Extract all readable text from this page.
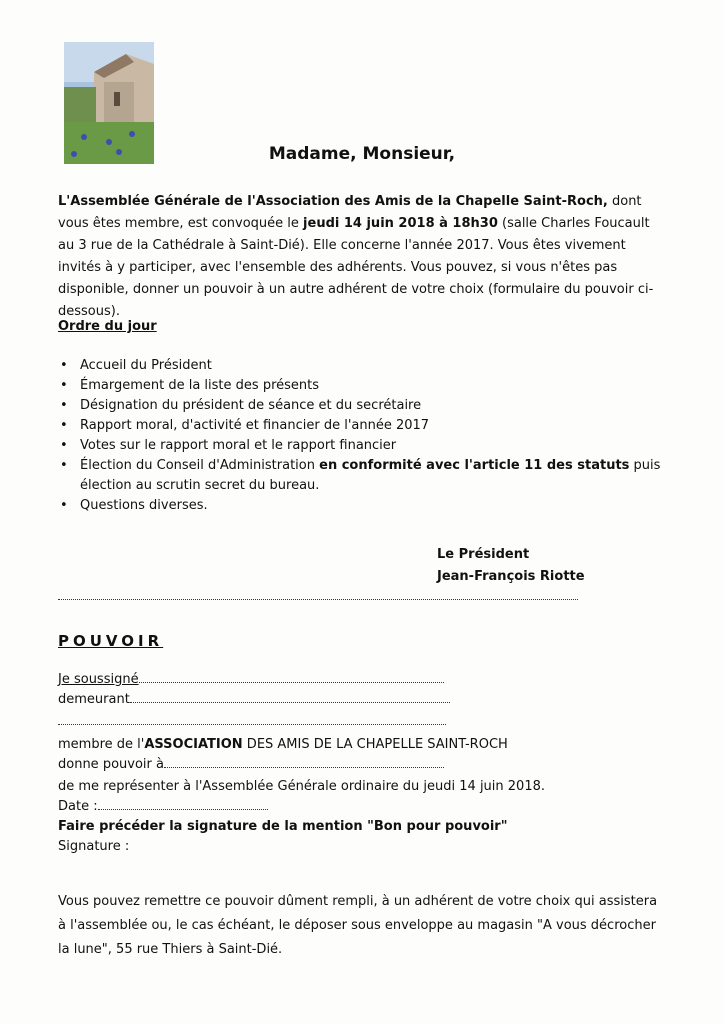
Madame, Monsieur,
L'Assemblée Générale de l'Association des Amis de la Chapelle Saint-Roch, dont vous êtes membre, est convoquée le jeudi 14 juin 2018 à 18h30 (salle Charles Foucault au 3 rue de la Cathédrale à Saint-Dié). Elle concerne l'année 2017. Vous êtes vivement invités à y participer, avec l'ensemble des adhérents. Vous pouvez, si vous n'êtes pas disponible, donner un pouvoir à un autre adhérent de votre choix (formulaire du pouvoir ci-dessous).
Ordre du jour
• Accueil du Président
• Émargement de la liste des présents
• Désignation du président de séance et du secrétaire
• Rapport moral, d'activité et financier de l'année 2017
• Votes sur le rapport moral et le rapport financier
• Élection du Conseil d'Administration en conformité avec l'article 11 des statuts puis élection au scrutin secret du bureau.
• Questions diverses.
Le Président
Jean-François Riotte
POUVOIR
Je soussigné
demeurant
membre de l'ASSOCIATION DES AMIS DE LA CHAPELLE SAINT-ROCH
donne pouvoir à
de me représenter à l'Assemblée Générale ordinaire du jeudi 14 juin 2018.
Date :
Faire précéder la signature de la mention "Bon pour pouvoir"
Signature :
Vous pouvez remettre ce pouvoir dûment rempli, à un adhérent de votre choix qui assistera à l'assemblée ou, le cas échéant, le déposer sous enveloppe au magasin "A vous décrocher la lune", 55 rue Thiers à Saint-Dié.
